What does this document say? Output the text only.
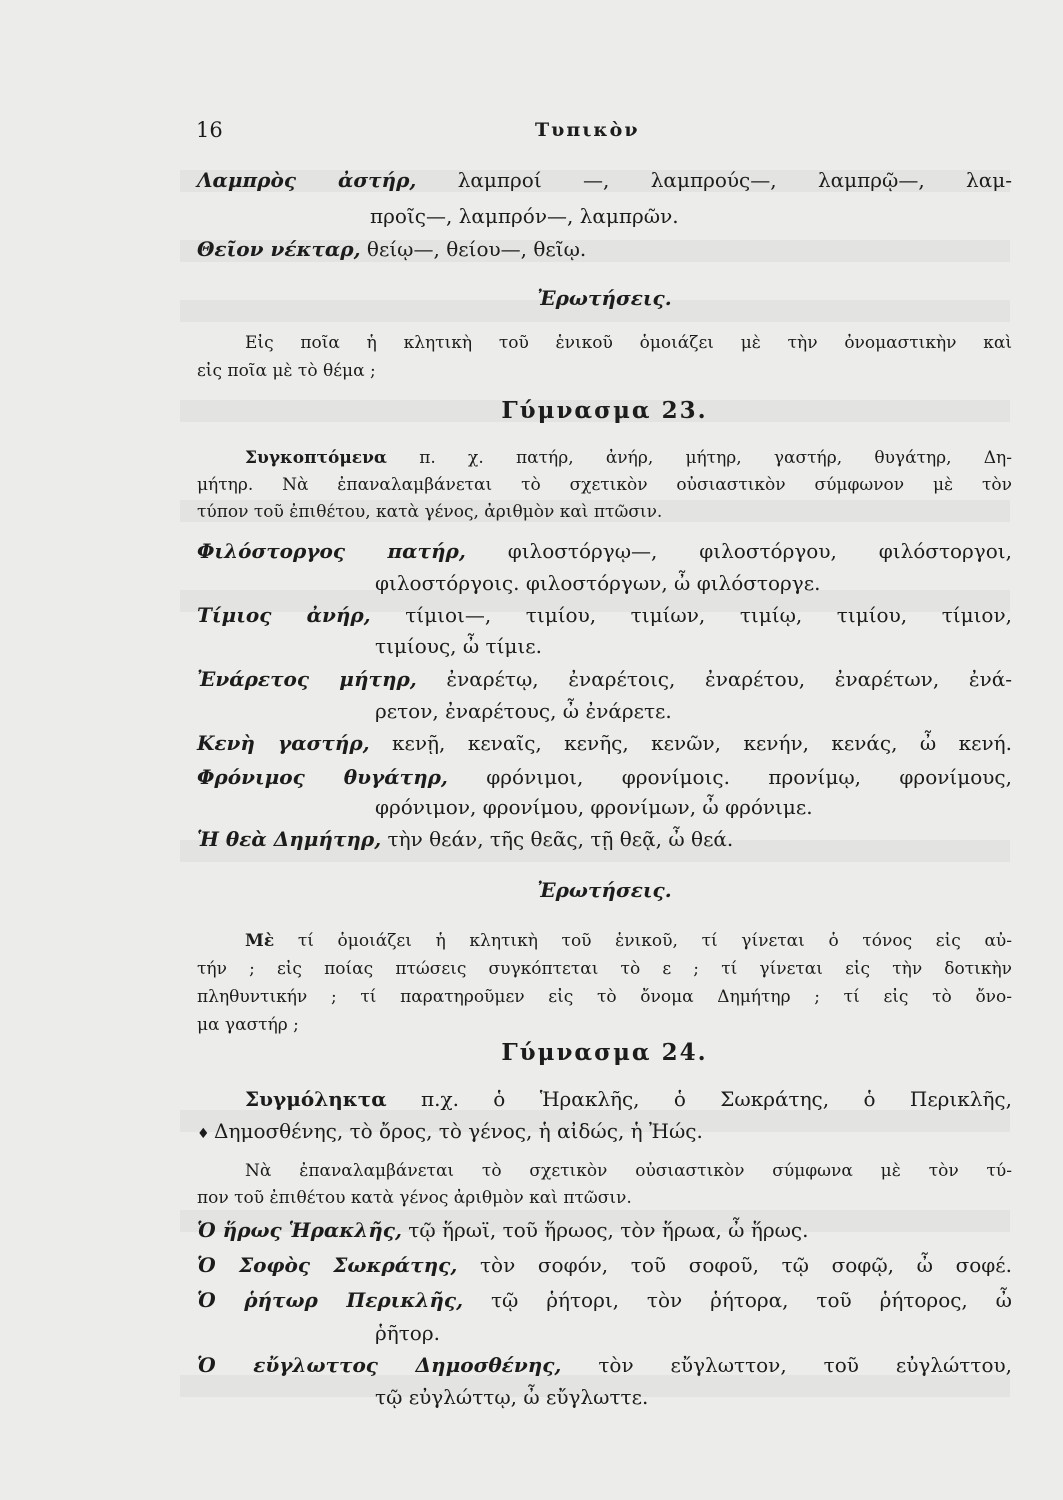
16	Τυπικὸν
Λαμπρὸς ἀστήρ, λαμπροί —, λαμπρούς—, λαμπρῷ—, λαμ-
προῖς—, λαμπρόν—, λαμπρῶν.
Θεῖον νέκταρ, θείῳ—, θείου—, θεῖῳ.
Ἐρωτήσεις.
Εἰς ποῖα ἡ κλητικὴ τοῦ ἑνικοῦ ὁμοιάζει μὲ τὴν ὀνομαστικὴν καὶ
εἰς ποῖα μὲ τὸ θέμα ;
Γύμνασμα 23.
Συγκοπτόμενα π. χ. πατήρ, ἀνήρ, μήτηρ, γαστήρ, θυγάτηρ, Δη-
μήτηρ. Νὰ ἐπαναλαμβάνεται τὸ σχετικὸν οὐσιαστικὸν σύμφωνον μὲ τὸν
τύπον τοῦ ἐπιθέτου, κατὰ γένος, ἀριθμὸν καὶ πτῶσιν.
Φιλόστοργος πατήρ, φιλοστόργῳ—, φιλοστόργου, φιλόστοργοι,
φιλοστόργοις. φιλοστόργων, ὦ φιλόστοργε.
Τίμιος ἀνήρ, τίμιοι—, τιμίου, τιμίων, τιμίῳ, τιμίου, τίμιον,
τιμίους, ὦ τίμιε.
Ἐνάρετος μήτηρ, ἐναρέτῳ, ἐναρέτοις, ἐναρέτου, ἐναρέτων, ἐνά-
ρετον, ἐναρέτους, ὦ ἐνάρετε.
Κενὴ γαστήρ, κενῇ, κεναῖς, κενῆς, κενῶν, κενήν, κενάς, ὦ κενή.
Φρόνιμος θυγάτηρ, φρόνιμοι, φρονίμοις. προνίμῳ, φρονίμους,
φρόνιμον, φρονίμου, φρονίμων, ὦ φρόνιμε.
Ἡ θεὰ Δημήτηρ, τὴν θεάν, τῆς θεᾶς, τῇ θεᾷ, ὦ θεά.
Ἐρωτήσεις.
Μὲ τί ὁμοιάζει ἡ κλητικὴ τοῦ ἑνικοῦ, τί γίνεται ὁ τόνος εἰς αὐ-
τήν ; εἰς ποίας πτώσεις συγκόπτεται τὸ ε ; τί γίνεται εἰς τὴν δοτικὴν
πληθυντικήν ; τί παρατηροῦμεν εἰς τὸ ὄνομα Δημήτηρ ; τί εἰς τὸ ὄνο-
μα γαστήρ ;
Γύμνασμα 24.
Συγμόληκτα π.χ. ὁ Ἡρακλῆς, ὁ Σωκράτης, ὁ Περικλῆς,
♦ Δημοσθένης, τὸ ὄρος, τὸ γένος, ἡ αἰδώς, ἡ Ἠώς.
Νὰ ἐπαναλαμβάνεται τὸ σχετικὸν οὐσιαστικὸν σύμφωνα μὲ τὸν τύ-
πον τοῦ ἐπιθέτου κατὰ γένος ἀριθμὸν καὶ πτῶσιν.
Ὁ ἥρως Ἡρακλῆς, τῷ ἥρωϊ, τοῦ ἥρωος, τὸν ἥρωα, ὦ ἥρως.
Ὁ Σοφὸς Σωκράτης, τὸν σοφόν, τοῦ σοφοῦ, τῷ σοφῷ, ὦ σοφέ.
Ὁ ῥήτωρ Περικλῆς, τῷ ῥήτορι, τὸν ῥήτορα, τοῦ ῥήτορος, ὦ
ῥῆτορ.
Ὁ εὔγλωττος Δημοσθένης, τὸν εὔγλωττον, τοῦ εὐγλώττου,
τῷ εὐγλώττῳ, ὦ εὔγλωττε.
